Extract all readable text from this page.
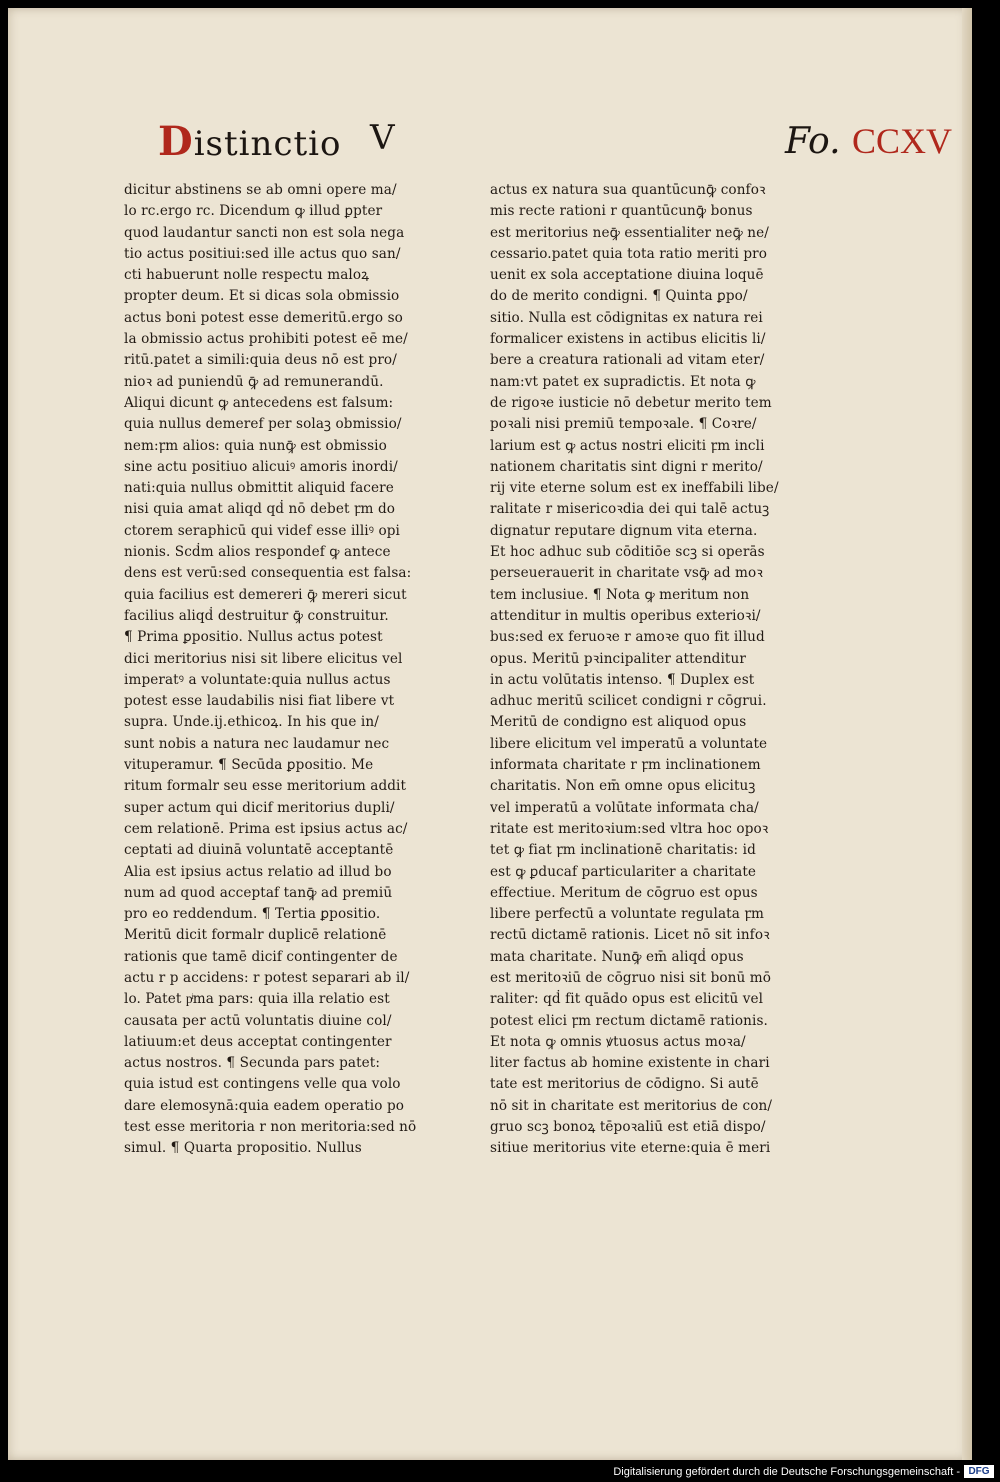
Distinctio V	Fo. CCXV
dicitur abstinens se ab omni opere ma/
lo rc.ergo rc. Dicendum ꝙ illud ꝑpter
quod laudantur sancti non est sola nega
tio actus positiui:sed ille actus quo san/
cti habuerunt nolle respectu maloꝝ
propter deum. Et si dicas sola obmissio
actus boni potest esse demeritū.ergo so
la obmissio actus prohibiti potest eē me/
ritū.patet a simili:quia deus nō est pro/
nioꝛ ad puniendū ꝙ̄ ad remunerandū.
Aliqui dicunt ꝙ antecedens est falsum:
quia nullus demeref per solaꝫ obmissio/
nem:ꝼm alios: quia nunꝙ̄ est obmissio
sine actu positiuo alicuiꝰ amoris inordi/
nati:quia nullus obmittit aliquid facere
nisi quia amat aliqd qḋ nō debet ꝼm do
ctorem seraphicū qui videf esse illiꝰ opi
nionis. Scḋm alios respondef ꝙ antece
dens est verū:sed consequentia est falsa:
quia facilius est demereri ꝙ̄ mereri sicut
facilius aliqḋ destruitur ꝙ̄ construitur.
¶ Prima ꝑpositio. Nullus actus potest
dici meritorius nisi sit libere elicitus vel
imperatꝰ a voluntate:quia nullus actus
potest esse laudabilis nisi fiat libere vt
supra. Unde.ij.ethicoꝝ. In his que in/
sunt nobis a natura nec laudamur nec
vituperamur. ¶ Secūda ꝑpositio. Me
ritum formalr seu esse meritorium addit
super actum qui dicif meritorius dupli/
cem relationē. Prima est ipsius actus ac/
ceptati ad diuinā voluntatē acceptantē
Alia est ipsius actus relatio ad illud bo
num ad quod acceptaf tanꝙ̄ ad premiū
pro eo reddendum. ¶ Tertia ꝑpositio.
Meritū dicit formalr duplicē relationē
rationis que tamē dicif contingenter de
actu r p accidens: r potest separari ab il/
lo. Patet pͥma pars: quia illa relatio est
causata per actū voluntatis diuine col/
latiuum:et deus acceptat contingenter
actus nostros. ¶ Secunda pars patet:
quia istud est contingens velle qua volo
dare elemosynā:quia eadem operatio po
test esse meritoria r non meritoria:sed nō
simul. ¶ Quarta propositio. Nullus
actus ex natura sua quantūcunꝙ̄ confoꝛ
mis recte rationi r quantūcunꝙ̄ bonus
est meritorius neꝙ̄ essentialiter neꝙ̄ ne/
cessario.patet quia tota ratio meriti pro
uenit ex sola acceptatione diuina loquē
do de merito condigni. ¶ Quinta ꝑpo/
sitio. Nulla est cōdignitas ex natura rei
formalicer existens in actibus elicitis li/
bere a creatura rationali ad vitam eter/
nam:vt patet ex supradictis. Et nota ꝙ
de rigoꝛe iusticie nō debetur merito tem
poꝛali nisi premiū tempoꝛale. ¶ Coꝛre/
larium est ꝙ actus nostri eliciti ꝼm incli
nationem charitatis sint digni r merito/
rij vite eterne solum est ex ineffabili libe/
ralitate r misericoꝛdia dei qui talē actuꝫ
dignatur reputare dignum vita eterna.
Et hoc adhuc sub cōditiōe scꝫ si operās
perseuerauerit in charitate vsꝙ̄ ad moꝛ
tem inclusiue. ¶ Nota ꝙ meritum non
attenditur in multis operibus exterioꝛi/
bus:sed ex feruoꝛe r amoꝛe quo fit illud
opus. Meritū pꝛincipaliter attenditur
in actu volūtatis intenso. ¶ Duplex est
adhuc meritū scilicet condigni r cōgrui.
Meritū de condigno est aliquod opus
libere elicitum vel imperatū a voluntate
informata charitate r ꝼm inclinationem
charitatis. Non em̄ omne opus elicituꝫ
vel imperatū a volūtate informata cha/
ritate est meritoꝛium:sed vltra hoc opoꝛ
tet ꝙ fiat ꝼm inclinationē charitatis: id
est ꝙ ꝑducaf particulariter a charitate
effectiue. Meritum de cōgruo est opus
libere perfectū a voluntate regulata ꝼm
rectū dictamē rationis. Licet nō sit infoꝛ
mata charitate. Nunꝙ̄ em̄ aliqḋ opus
est meritoꝛiū de cōgruo nisi sit bonū mō
raliter: qḋ fit quādo opus est elicitū vel
potest elici ꝼm rectum dictamē rationis.
Et nota ꝙ omnis ꝟtuosus actus moꝛa/
liter factus ab homine existente in chari
tate est meritorius de cōdigno. Si autē
nō sit in charitate est meritorius de con/
gruo scꝫ bonoꝝ tēpoꝛaliū est etiā dispo/
sitiue meritorius vite eterne:quia ē meri
Digitalisierung gefördert durch die Deutsche Forschungsgemeinschaft - DFG
